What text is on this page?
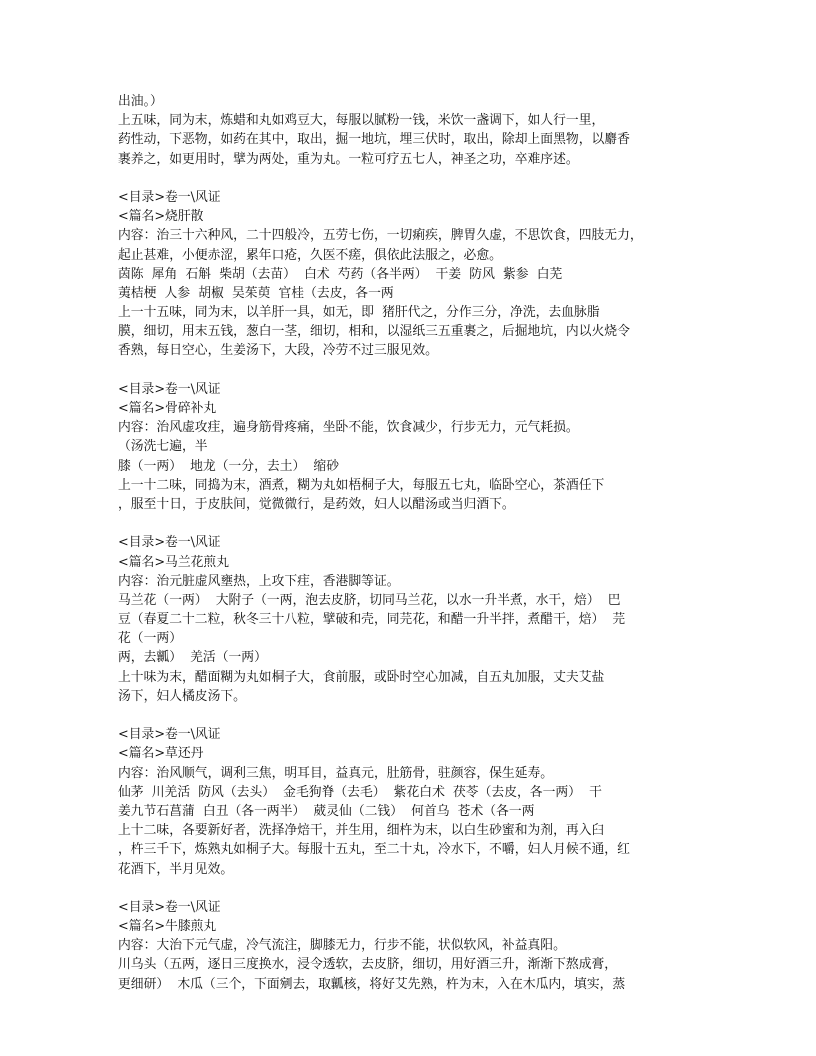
出油。）
上五味，同为末，炼蜡和丸如鸡豆大，每服以腻粉一钱，米饮一盏调下，如人行一里，
药性动，下恶物，如药在其中，取出，掘一地坑，埋三伏时，取出，除却上面黑物，以麝香
裹养之，如更用时，擘为两处，重为丸。一粒可疗五七人，神圣之功，卒难序述。
<目录>卷一\风证
<篇名>烧肝散
内容：治三十六种风，二十四般冷，五劳七伤，一切痢疾，脾胃久虚，不思饮食，四肢无力，
起止甚难，小便赤涩，累年口疮，久医不瘥，俱依此法服之，必愈。
茵陈  犀角  石斛  柴胡（去苗）  白术  芍药（各半两）  干姜  防风  紫参  白芜
荑桔梗  人参  胡椒  吴茱萸  官桂（去皮，各一两
上一十五味，同为末，以羊肝一具，如无，即  猪肝代之，分作三分，净洗，去血脉脂
膜，细切，用末五钱，葱白一茎，细切，相和，以湿纸三五重裹之，后掘地坑，内以火烧令
香熟，每日空心，生姜汤下，大段，冷劳不过三服见效。
<目录>卷一\风证
<篇名>骨碎补丸
内容：治风虚攻疰，遍身筋骨疼痛，坐卧不能，饮食减少，行步无力，元气耗损。
（汤洗七遍，半
膝（一两）  地龙（一分，去土）  缩砂
上一十二味，同捣为末，酒煮，糊为丸如梧桐子大，每服五七丸，临卧空心，茶酒任下
，服至十日，于皮肤间，觉微微行，是药效，妇人以醋汤或当归酒下。
<目录>卷一\风证
<篇名>马兰花煎丸
内容：治元脏虚风壅热，上攻下疰，香港脚等证。
马兰花（一两）  大附子（一两，泡去皮脐，切同马兰花，以水一升半煮，水干，焙）  巴
豆（春夏二十二粒，秋冬三十八粒，擘破和壳，同芫花，和醋一升半拌，煮醋干，焙）  芫
花（一两）
两，去瓤）  羌活（一两）
上十味为末，醋面糊为丸如桐子大，食前服，或卧时空心加减，自五丸加服，丈夫艾盐
汤下，妇人橘皮汤下。
<目录>卷一\风证
<篇名>草还丹
内容：治风顺气，调利三焦，明耳目，益真元，肚筋骨，驻颜容，保生延寿。
仙茅  川羌活  防风（去头）  金毛狗脊（去毛）  紫花白术  茯苓（去皮，各一两）  干
姜九节石菖蒲  白丑（各一两半）  葳灵仙（二钱）  何首乌  苍术（各一两
上十二味，各要新好者，洗择净焙干，并生用，细杵为末，以白生砂蜜和为剂，再入臼
，杵三千下，炼熟丸如桐子大。每服十五丸，至二十丸，冷水下，不嚼，妇人月候不通，红
花酒下，半月见效。
<目录>卷一\风证
<篇名>牛膝煎丸
内容：大治下元气虚，冷气流注，脚膝无力，行步不能，状似软风，补益真阳。
川乌头（五两，逐日三度换水，浸令透软，去皮脐，细切，用好酒三升，渐渐下熬成膏，
更细研）  木瓜（三个，下面剜去，取瓤核，将好艾先熟，杵为末，入在木瓜内，填实，蒸
